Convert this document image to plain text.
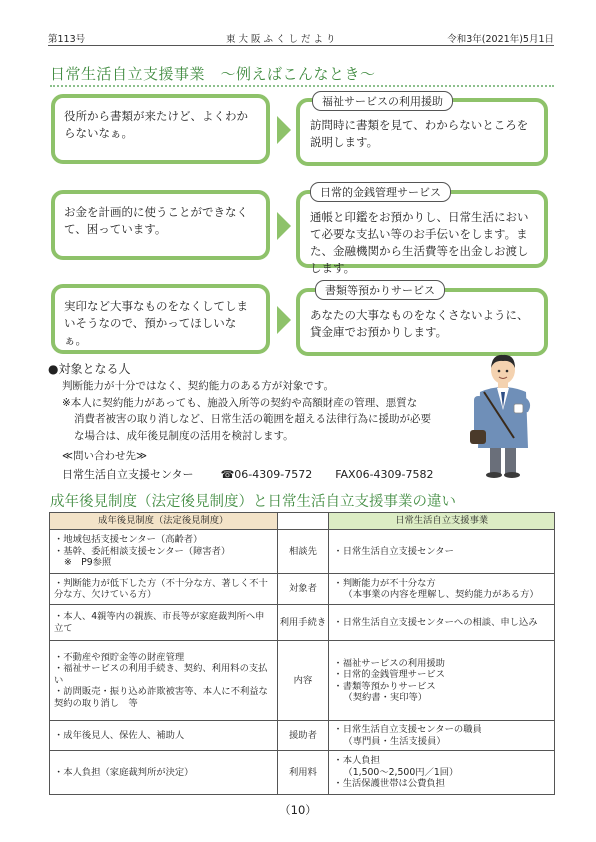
第113号	東大阪ふくしだより	令和3年(2021年)5月1日
日常生活自立支援事業　～例えばこんなとき～
役所から書類が来たけど、よくわからないなぁ。
訪問時に書類を見て、わからないところを説明します。
福祉サービスの利用援助
お金を計画的に使うことができなくて、困っています。
通帳と印鑑をお預かりし、日常生活において必要な支払い等のお手伝いをします。また、金融機関から生活費等を出金しお渡しします。
日常的金銭管理サービス
実印など大事なものをなくしてしまいそうなので、預かってほしいなぁ。
あなたの大事なものをなくさないように、貸金庫でお預かりします。
書類等預かりサービス
●対象となる人
判断能力が十分ではなく、契約能力のある方が対象です。
※本人に契約能力があっても、施設入所等の契約や高額財産の管理、悪質な
消費者被害の取り消しなど、日常生活の範囲を超える法律行為に援助が必要
な場合は、成年後見制度の活用を検討します。
≪問い合わせ先≫
日常生活自立支援センター ☎06-4309-7572 FAX06-4309-7582
成年後見制度（法定後見制度）と日常生活自立支援事業の違い
成年後見制度（法定後見制度）		日常生活自立支援事業

・地域包括支援センター（高齢者）
・基幹、委託相談支援センター（障害者）
※　P9参照	相談先	・日常生活自立支援センター

・判断能力が低下した方（不十分な方、著しく不十分な方、欠けている方）	対象者	・判断能力が不十分な方
（本事業の内容を理解し、契約能力がある方）

・本人、4親等内の親族、市長等が家庭裁判所へ申立て	利用手続き	・日常生活自立支援センターへの相談、申し込み

・不動産や預貯金等の財産管理
・福祉サービスの利用手続き、契約、利用料の支払い
・訪問販売・振り込め詐欺被害等、本人に不利益な契約の取り消し　等	内容	・福祉サービスの利用援助
・日常的金銭管理サービス
・書類等預かりサービス
（契約書・実印等）

・成年後見人、保佐人、補助人	援助者	・日常生活自立支援センターの職員
（専門員・生活支援員）

・本人負担（家庭裁判所が決定）	利用料	・本人負担
（1,500～2,500円／1回）
・生活保護世帯は公費負担
（10）
